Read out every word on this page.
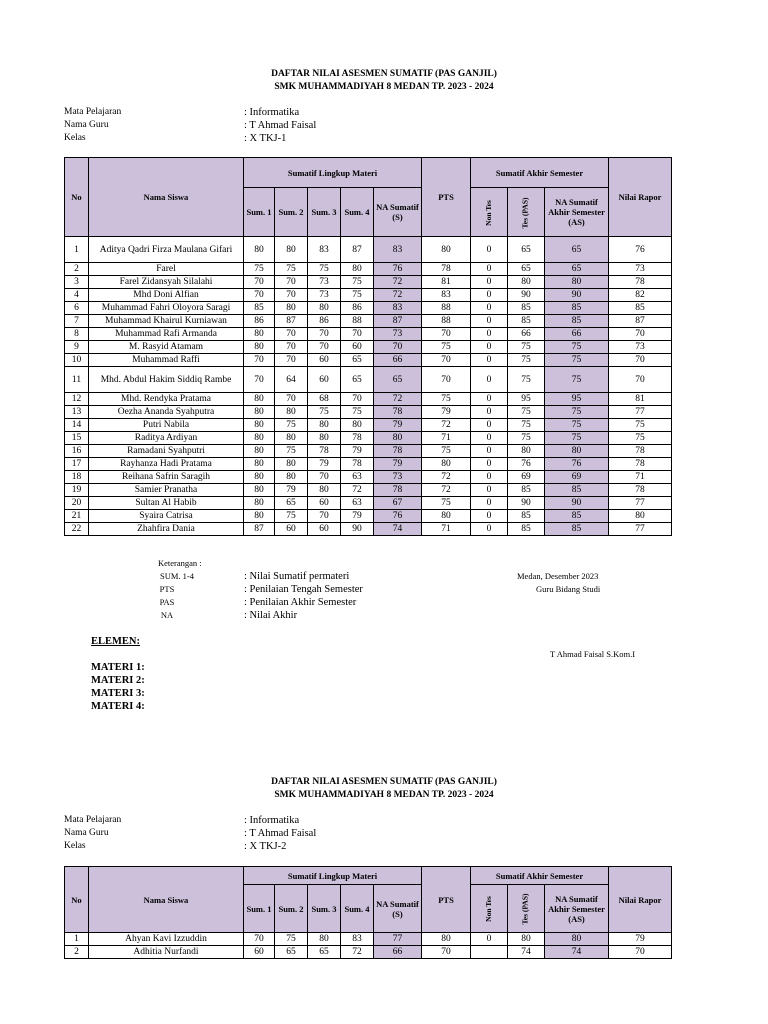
DAFTAR NILAI ASESMEN SUMATIF (PAS GANJIL)
SMK MUHAMMADIYAH 8 MEDAN TP. 2023 - 2024
Mata Pelajaran	: Informatika
Nama Guru	: T Ahmad Faisal
Kelas	: X TKJ-1
No	Nama Siswa	Sumatif Lingkup Materi					PTS	Sumatif Akhir Semester			Nilai Rapor
		Sum. 1	Sum. 2	Sum. 3	Sum. 4	NA Sumatif (S)		Non Tes	Tes (PAS)	NA Sumatif Akhir Semester (AS)	
1	Aditya Qadri Firza Maulana Gifari	80	80	83	87	83	80	0	65	65	76
2	Farel	75	75	75	80	76	78	0	65	65	73
3	Farel Zidansyah Silalahi	70	70	73	75	72	81	0	80	80	78
4	Mhd Doni Alfian	70	70	73	75	72	83	0	90	90	82
6	Muhammad Fahri Oloyora Saragi	85	80	80	86	83	88	0	85	85	85
7	Muhammad Khairul Kurniawan	86	87	86	88	87	88	0	85	85	87
8	Muhammad Rafi Armanda	80	70	70	70	73	70	0	66	66	70
9	M. Rasyid Atamam	80	70	70	60	70	75	0	75	75	73
10	Muhammad Raffi	70	70	60	65	66	70	0	75	75	70
11	Mhd. Abdul Hakim Siddiq Rambe	70	64	60	65	65	70	0	75	75	70
12	Mhd. Rendyka Pratama	80	70	68	70	72	75	0	95	95	81
13	Oezha Ananda Syahputra	80	80	75	75	78	79	0	75	75	77
14	Putri Nabila	80	75	80	80	79	72	0	75	75	75
15	Raditya Ardiyan	80	80	80	78	80	71	0	75	75	75
16	Ramadani Syahputri	80	75	78	79	78	75	0	80	80	78
17	Rayhanza Hadi Pratama	80	80	79	78	79	80	0	76	76	78
18	Reihana Safrin Saragih	80	80	70	63	73	72	0	69	69	71
19	Samier Pranatha	80	79	80	72	78	72	0	85	85	78
20	Sultan Al Habib	80	65	60	63	67	75	0	90	90	77
21	Syaira Catrisa	80	75	70	79	76	80	0	85	85	80
22	Zhahfira Dania	87	60	60	90	74	71	0	85	85	77
Keterangan :
SUM. 1-4	: Nilai Sumatif permateri
PTS	: Penilaian Tengah Semester
PAS	: Penilaian Akhir Semester
NA	: Nilai Akhir
Medan, Desember 2023
Guru Bidang Studi
T Ahmad Faisal S.Kom.I
ELEMEN:
MATERI 1:
MATERI 2:
MATERI 3:
MATERI 4:
DAFTAR NILAI ASESMEN SUMATIF (PAS GANJIL)
SMK MUHAMMADIYAH 8 MEDAN TP. 2023 - 2024
Mata Pelajaran	: Informatika
Nama Guru	: T Ahmad Faisal
Kelas	: X TKJ-2
No	Nama Siswa	Sumatif Lingkup Materi					PTS	Sumatif Akhir Semester			Nilai Rapor
		Sum. 1	Sum. 2	Sum. 3	Sum. 4	NA Sumatif (S)		Non Tes	Tes (PAS)	NA Sumatif Akhir Semester (AS)	
1	Ahyan Kavi Izzuddin	70	75	80	83	77	80	0	80	80	79
2	Adhitia Nurfandi	60	65	65	72	66	70		74	74	70
